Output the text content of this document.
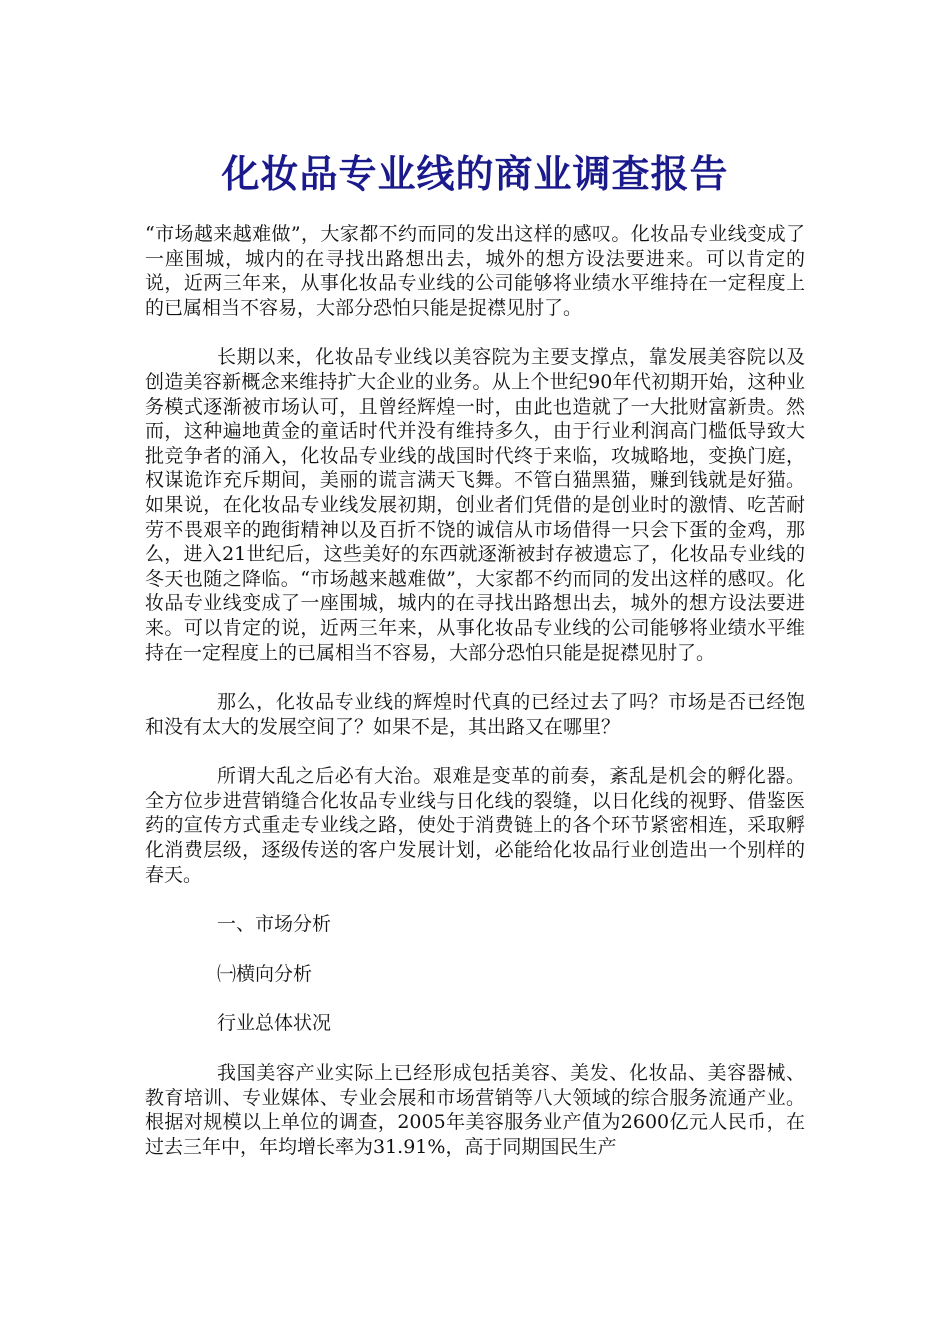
化妆品专业线的商业调查报告

“市场越来越难做”，大家都不约而同的发出这样的感叹。化妆品专业线变成了一座围城，城内的在寻找出路想出去，城外的想方设法要进来。可以肯定的说，近两三年来，从事化妆品专业线的公司能够将业绩水平维持在一定程度上的已属相当不容易，大部分恐怕只能是捉襟见肘了。

长期以来，化妆品专业线以美容院为主要支撑点，靠发展美容院以及创造美容新概念来维持扩大企业的业务。从上个世纪90年代初期开始，这种业务模式逐渐被市场认可，且曾经辉煌一时，由此也造就了一大批财富新贵。然而，这种遍地黄金的童话时代并没有维持多久，由于行业利润高门槛低导致大批竞争者的涌入，化妆品专业线的战国时代终于来临，攻城略地，变换门庭，权谋诡诈充斥期间，美丽的谎言满天飞舞。不管白猫黑猫，赚到钱就是好猫。如果说，在化妆品专业线发展初期，创业者们凭借的是创业时的激情、吃苦耐劳不畏艰辛的跑街精神以及百折不饶的诚信从市场借得一只会下蛋的金鸡，那么，进入21世纪后，这些美好的东西就逐渐被封存被遗忘了，化妆品专业线的冬天也随之降临。“市场越来越难做”，大家都不约而同的发出这样的感叹。化妆品专业线变成了一座围城，城内的在寻找出路想出去，城外的想方设法要进来。可以肯定的说，近两三年来，从事化妆品专业线的公司能够将业绩水平维持在一定程度上的已属相当不容易，大部分恐怕只能是捉襟见肘了。

那么，化妆品专业线的辉煌时代真的已经过去了吗？市场是否已经饱和没有太大的发展空间了？如果不是，其出路又在哪里？

所谓大乱之后必有大治。艰难是变革的前奏，紊乱是机会的孵化器。全方位步进营销缝合化妆品专业线与日化线的裂缝，以日化线的视野、借鉴医药的宣传方式重走专业线之路，使处于消费链上的各个环节紧密相连，采取孵化消费层级，逐级传送的客户发展计划，必能给化妆品行业创造出一个别样的春天。

一、市场分析

㈠横向分析

行业总体状况

我国美容产业实际上已经形成包括美容、美发、化妆品、美容器械、教育培训、专业媒体、专业会展和市场营销等八大领域的综合服务流通产业。根据对规模以上单位的调查，2005年美容服务业产值为2600亿元人民币，在过去三年中，年均增长率为31.91%，高于同期国民生产
